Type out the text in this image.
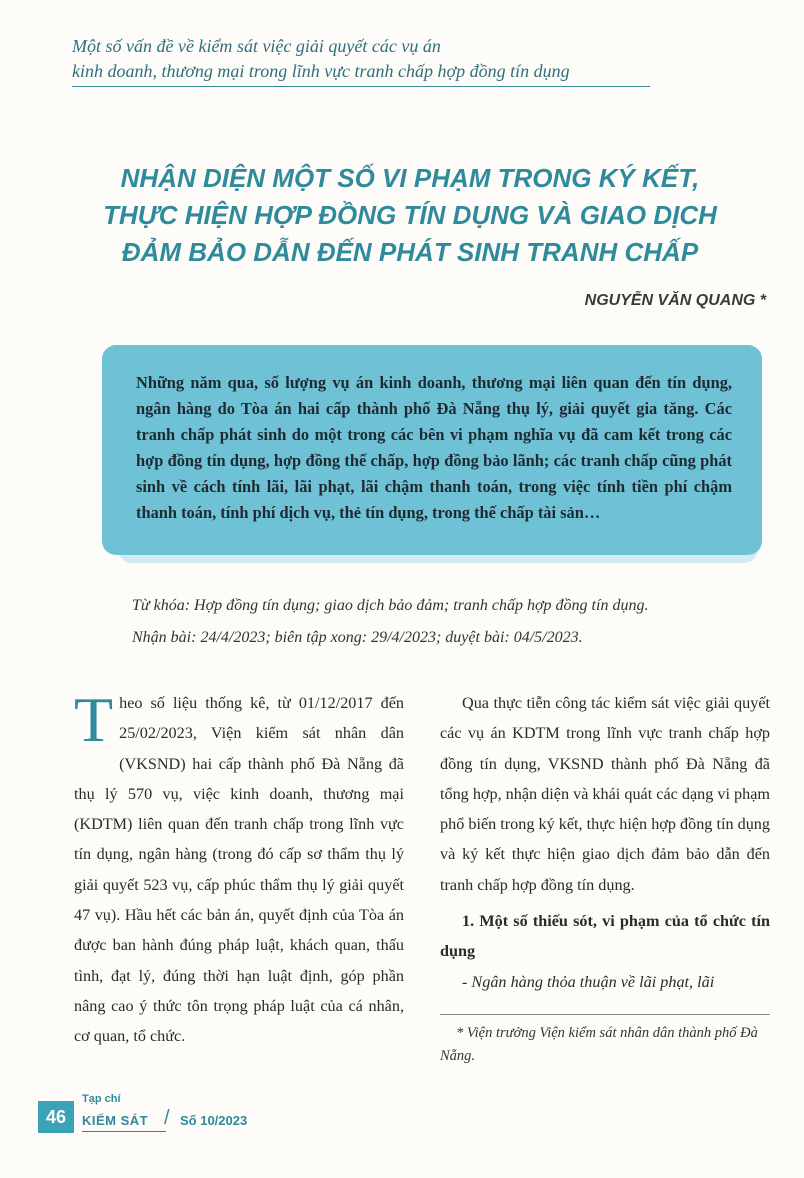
Một số vấn đề về kiểm sát việc giải quyết các vụ án
kinh doanh, thương mại trong lĩnh vực tranh chấp hợp đồng tín dụng
NHẬN DIỆN MỘT SỐ VI PHẠM TRONG KÝ KẾT,
THỰC HIỆN HỢP ĐỒNG TÍN DỤNG VÀ GIAO DỊCH
ĐẢM BẢO DẪN ĐẾN PHÁT SINH TRANH CHẤP
NGUYỄN VĂN QUANG *

Những năm qua, số lượng vụ án kinh doanh, thương mại liên quan đến tín dụng, ngân hàng do Tòa án hai cấp thành phố Đà Nẵng thụ lý, giải quyết gia tăng. Các tranh chấp phát sinh do một trong các bên vi phạm nghĩa vụ đã cam kết trong các hợp đồng tín dụng, hợp đồng thế chấp, hợp đồng bảo lãnh; các tranh chấp cũng phát sinh về cách tính lãi, lãi phạt, lãi chậm thanh toán, trong việc tính tiền phí chậm thanh toán, tính phí dịch vụ, thẻ tín dụng, trong thế chấp tài sản…

Từ khóa: Hợp đồng tín dụng; giao dịch bảo đảm; tranh chấp hợp đồng tín dụng.
Nhận bài: 24/4/2023; biên tập xong: 29/4/2023; duyệt bài: 04/5/2023.
T heo số liệu thống kê, từ 01/12/2017 đến 25/02/2023, Viện kiểm sát nhân dân (VKSND) hai cấp thành phố Đà Nẵng đã thụ lý 570 vụ, việc kinh doanh, thương mại (KDTM) liên quan đến tranh chấp trong lĩnh vực tín dụng, ngân hàng (trong đó cấp sơ thẩm thụ lý giải quyết 523 vụ, cấp phúc thẩm thụ lý giải quyết 47 vụ). Hầu hết các bản án, quyết định của Tòa án được ban hành đúng pháp luật, khách quan, thấu tình, đạt lý, đúng thời hạn luật định, góp phần nâng cao ý thức tôn trọng pháp luật của cá nhân, cơ quan, tổ chức.

Qua thực tiễn công tác kiểm sát việc giải quyết các vụ án KDTM trong lĩnh vực tranh chấp hợp đồng tín dụng, VKSND thành phố Đà Nẵng đã tổng hợp, nhận diện và khái quát các dạng vi phạm phổ biến trong ký kết, thực hiện hợp đồng tín dụng và ký kết thực hiện giao dịch đảm bảo dẫn đến tranh chấp hợp đồng tín dụng.

1. Một số thiếu sót, vi phạm của tổ chức tín dụng

- Ngân hàng thỏa thuận về lãi phạt, lãi

* Viện trưởng Viện kiểm sát nhân dân thành phố Đà Nẵng.
46
Tạp chí
KIỂM SÁT / Số 10/2023
